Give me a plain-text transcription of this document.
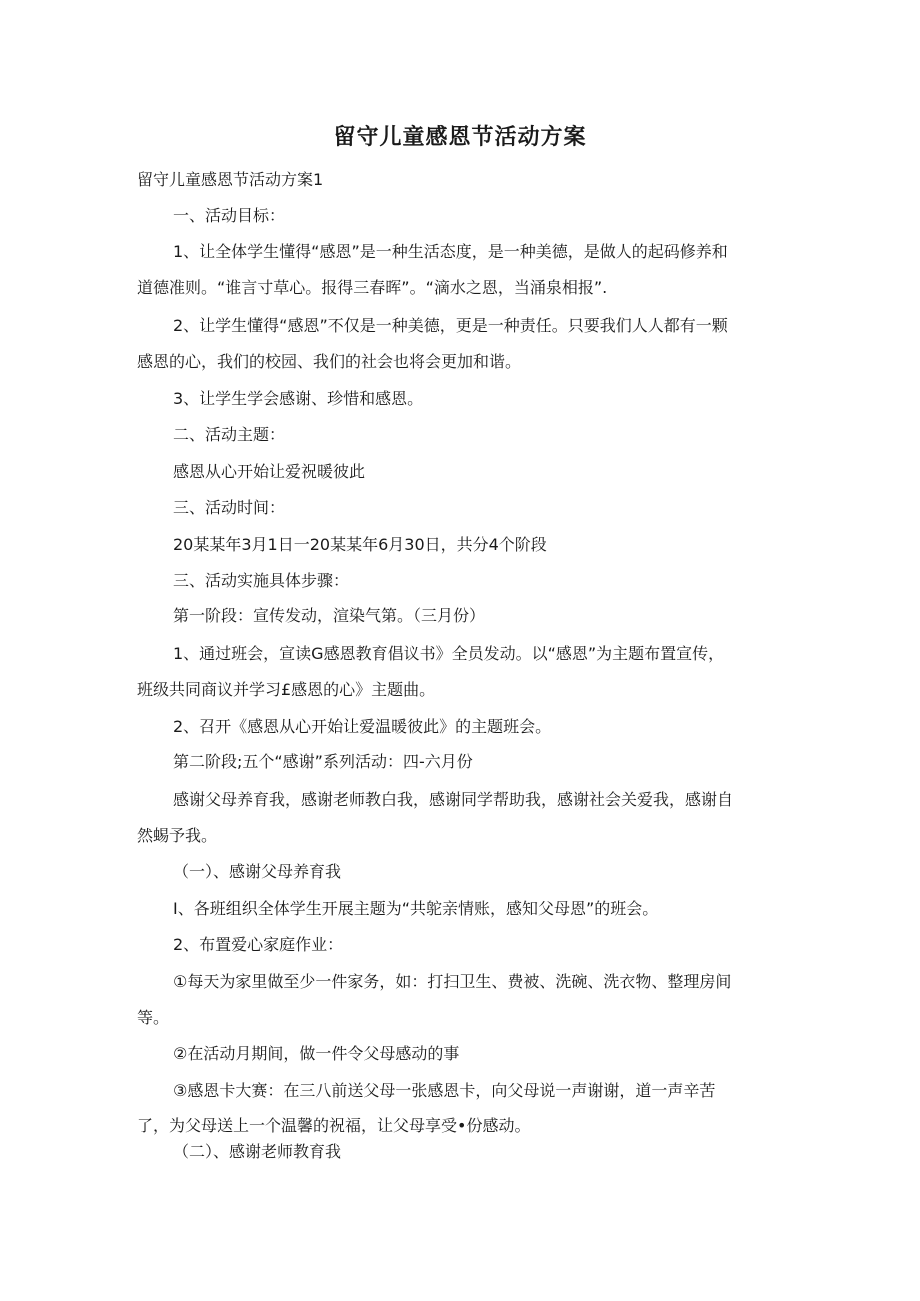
留守儿童感恩节活动方案
留守儿童感恩节活动方案1
一、活动目标：
1、让全体学生懂得“感恩”是一种生活态度，是一种美德，是做人的起码修养和
道德准则。“谁言寸草心。报得三春晖”。“滴水之恩，当涌泉相报”.
2、让学生懂得“感恩”不仅是一种美德，更是一种责任。只要我们人人都有一颗
感恩的心，我们的校园、我们的社会也将会更加和谐。
3、让学生学会感谢、珍惜和感恩。
二、活动主题：
感恩从心开始让爱祝暖彼此
三、活动时间：
20某某年3月1日一20某某年6月30日，共分4个阶段
三、活动实施具体步骤：
第一阶段：宣传发动，渲染气第。（三月份）
1、通过班会，宣读G感恩教育倡议书》全员发动。以“感恩”为主题布置宣传，
班级共同商议并学习£感恩的心》主题曲。
2、召开《感恩从心开始让爱温暖彼此》的主题班会。
第二阶段;五个“感谢”系列活动：四-六月份
感谢父母养育我，感谢老师教白我，感谢同学帮助我，感谢社会关爱我，感谢自
然蜴予我。
（一）、感谢父母养育我
I、各班组织全体学生开展主题为“共鸵亲情账，感知父母恩”的班会。
2、布置爱心家庭作业：
①每天为家里做至少一件家务，如：打扫卫生、费被、洗碗、洗衣物、整理房间
等。
②在活动月期间，做一件令父母感动的事
③感恩卡大赛：在三八前送父母一张感恩卡，向父母说一声谢谢，道一声辛苦
了，为父母送上一个温馨的祝福，让父母享受•份感动。
（二）、感谢老师教育我
